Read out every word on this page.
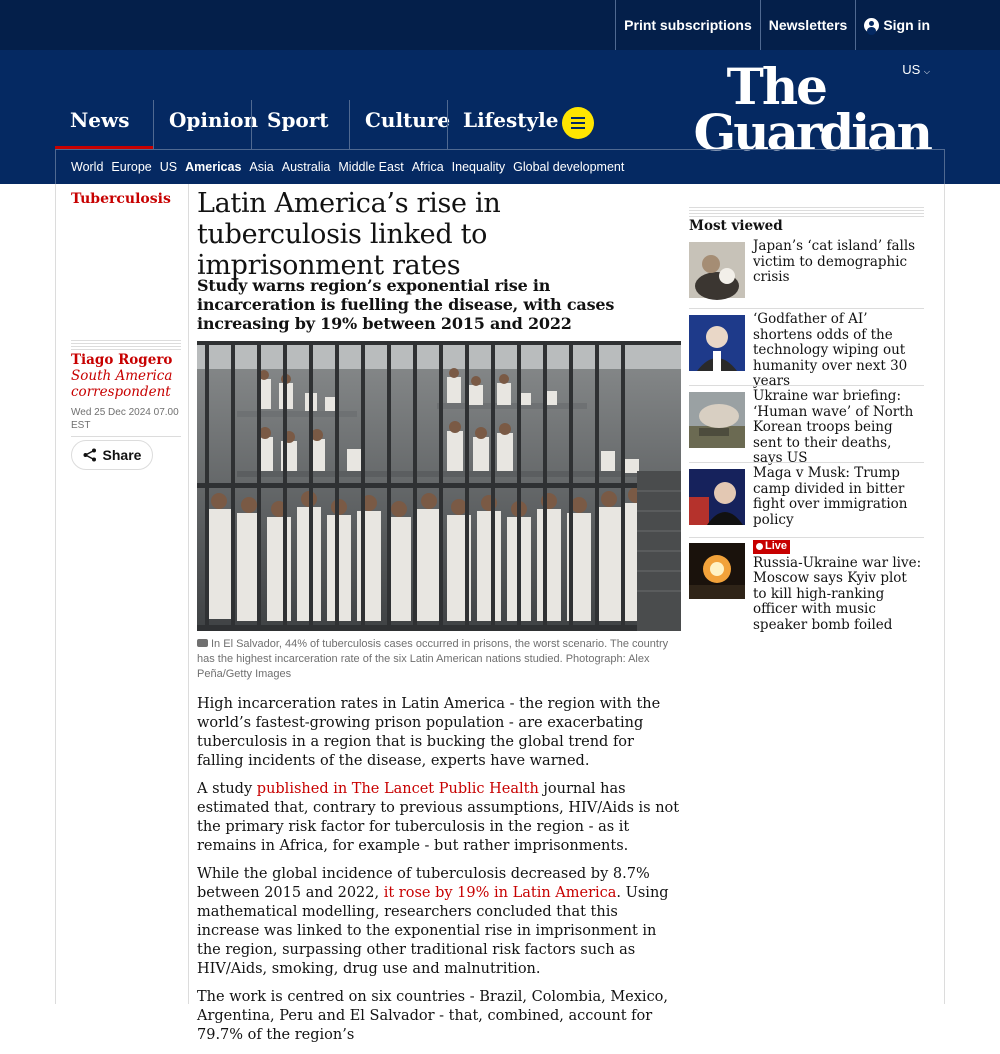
Print subscriptions Newsletters	Sign in
US ⌵
The
Guardian
News	Opinion Sport	Culture Lifestyle
World Europe US Americas Asia Australia Middle East Africa Inequality Global development
Tuberculosis
Tiago Rogero
South America correspondent
Wed 25 Dec 2024 07.00 EST
Share
Latin America’s rise in tuberculosis linked to imprisonment rates
Study warns region’s exponential rise in incarceration is fuelling the disease, with cases increasing by 19% between 2015 and 2022
In El Salvador, 44% of tuberculosis cases occurred in prisons, the worst scenario. The country has the highest incarceration rate of the six Latin American nations studied. Photograph: Alex Peña/Getty Images

High incarceration rates in Latin America - the region with the world’s fastest-growing prison population - are exacerbating tuberculosis in a region that is bucking the global trend for falling incidents of the disease, experts have warned.

A study published in The Lancet Public Health journal has estimated that, contrary to previous assumptions, HIV/Aids is not the primary risk factor for tuberculosis in the region - as it remains in Africa, for example - but rather imprisonments.

While the global incidence of tuberculosis decreased by 8.7% between 2015 and 2022, it rose by 19% in Latin America. Using mathematical modelling, researchers concluded that this increase was linked to the exponential rise in imprisonment in the region, surpassing other traditional risk factors such as HIV/Aids, smoking, drug use and malnutrition.

The work is centred on six countries - Brazil, Colombia, Mexico, Argentina, Peru and El Salvador - that, combined, account for 79.7% of the region’s

Most viewed
Japan’s ‘cat island’ falls victim to demographic crisis
‘Godfather of AI’ shortens odds of the technology wiping out humanity over next 30 years
Ukraine war briefing: ‘Human wave’ of North Korean troops being sent to their deaths, says US
Maga v Musk: Trump camp divided in bitter fight over immigration policy
Live

Russia-Ukraine war live: Moscow says Kyiv plot to kill high-ranking officer with music speaker bomb foiled
